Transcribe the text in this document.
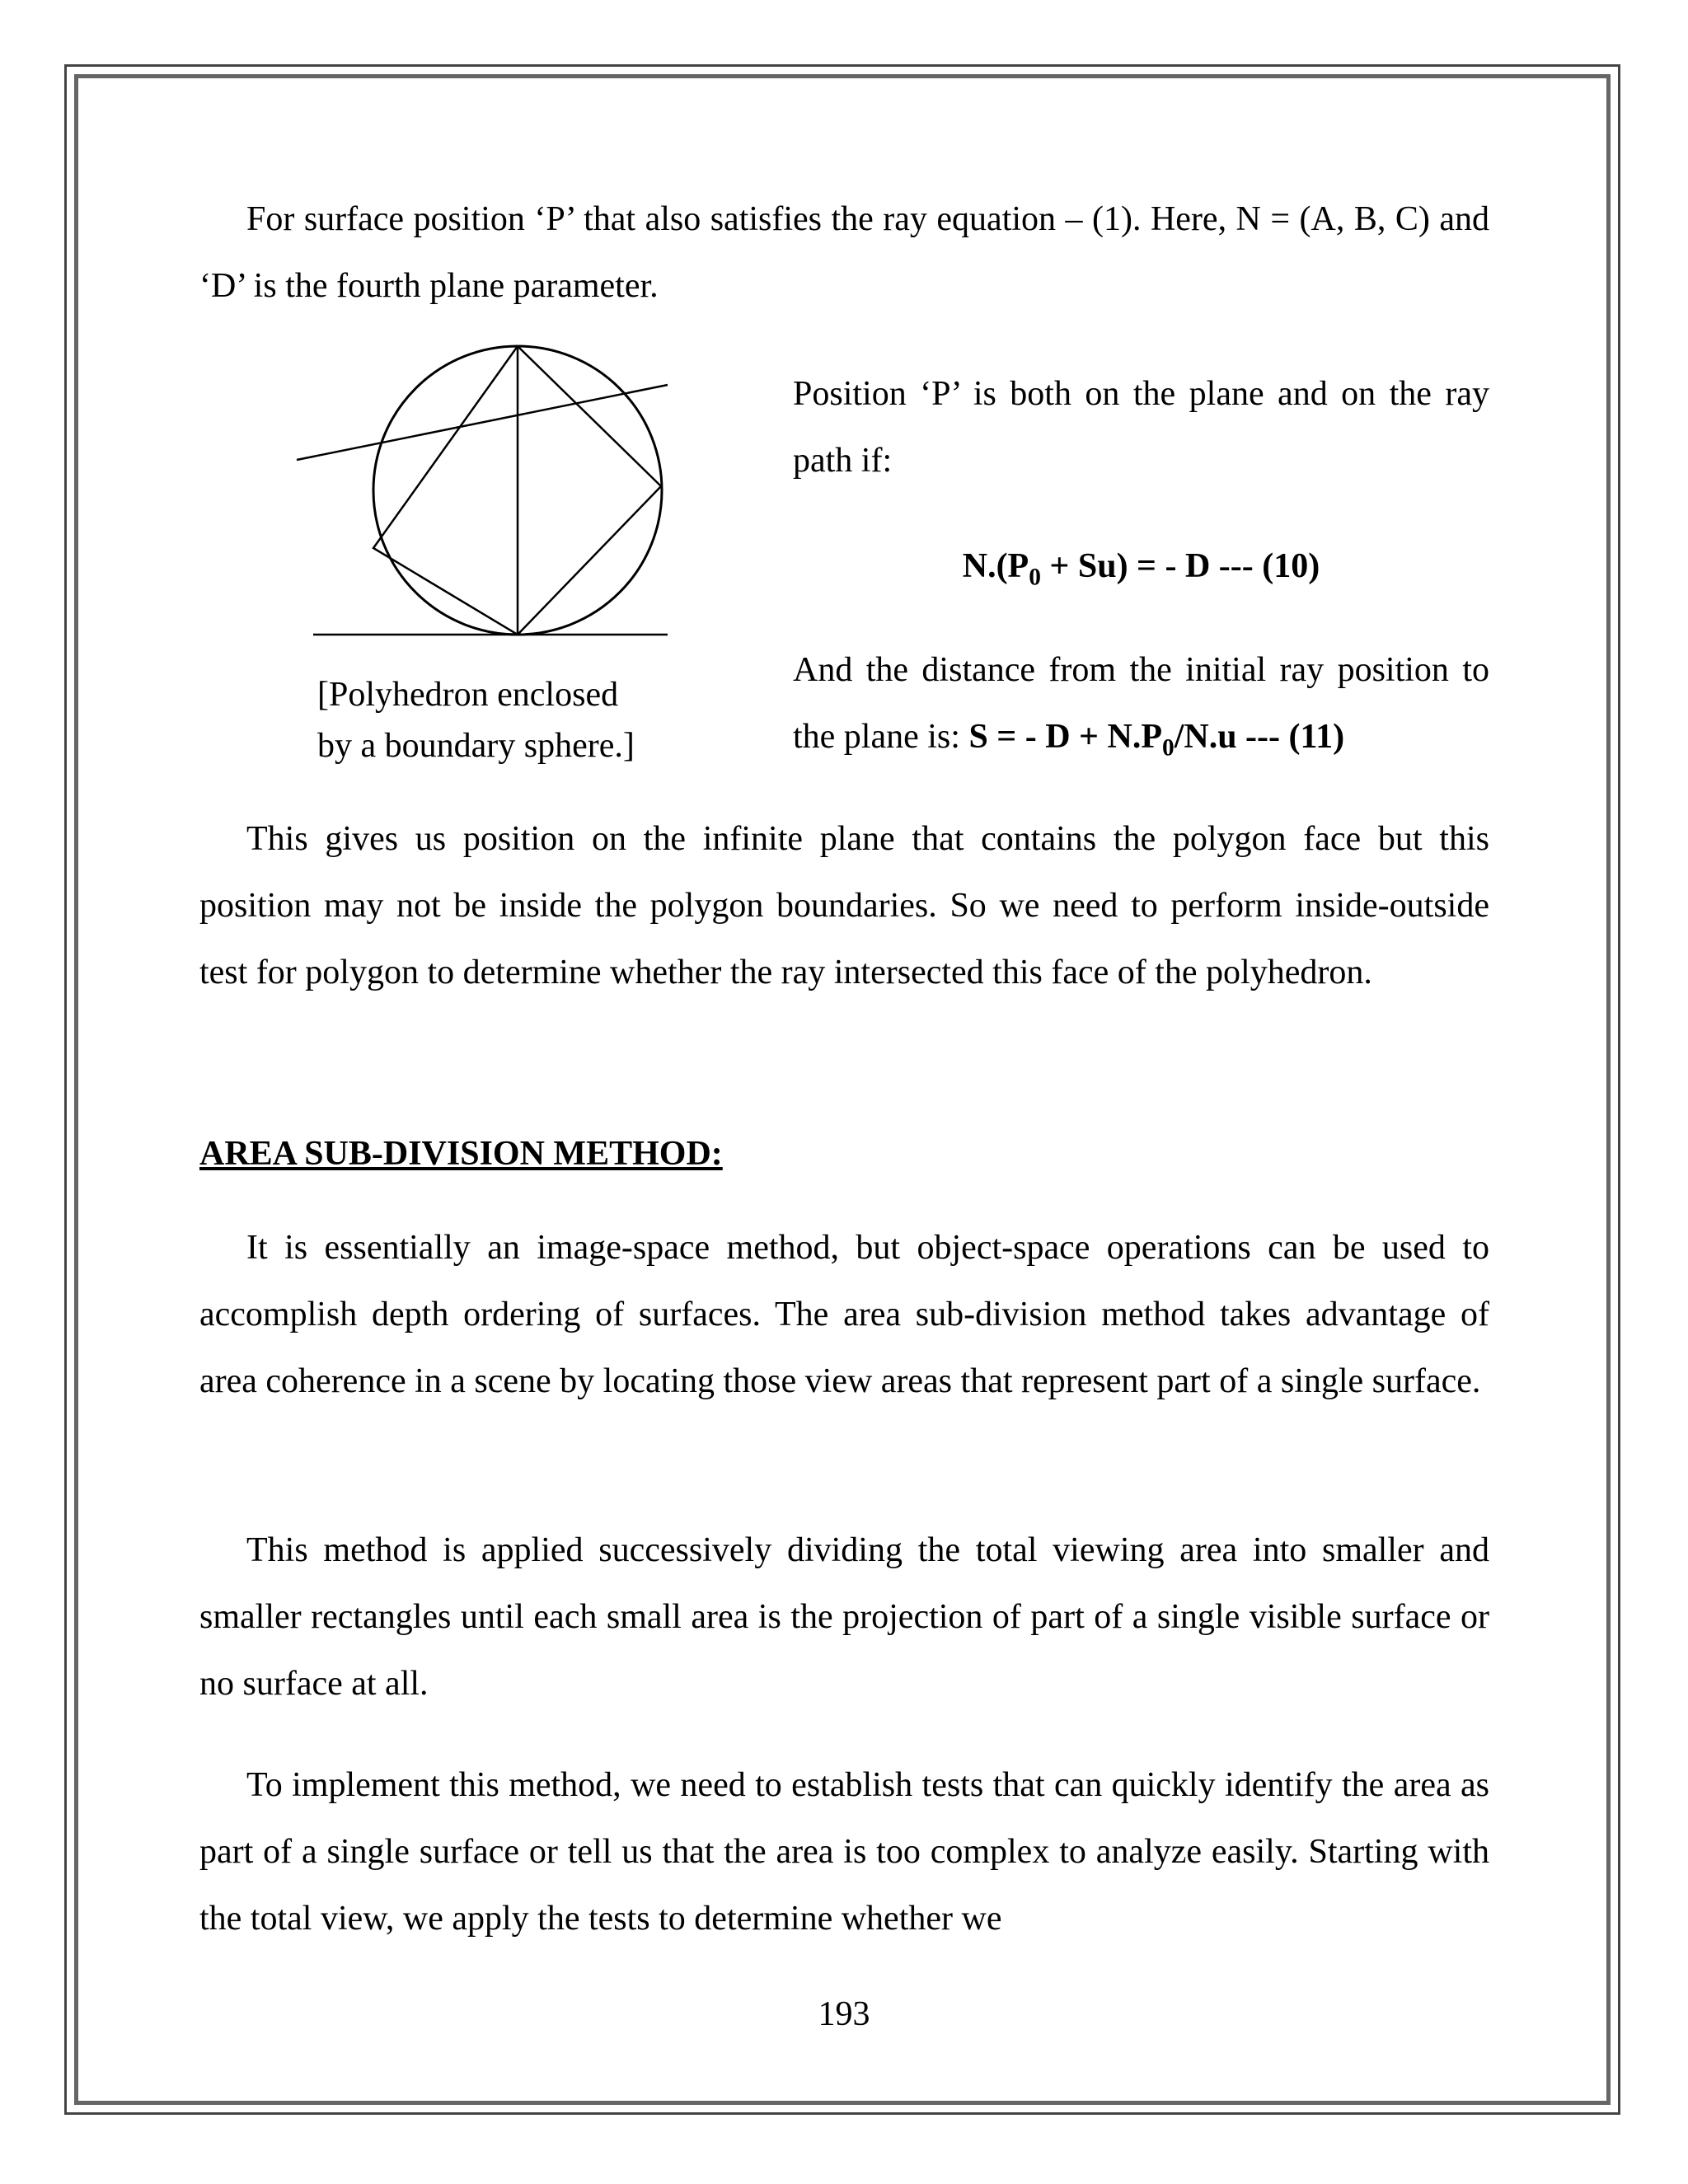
For surface position ‘P’ that also satisfies the ray equation – (1). Here, N = (A, B, C) and ‘D’ is the fourth plane parameter.

[Polyhedron enclosed
by a boundary sphere.]

Position ‘P’ is both on the plane and on the ray path if:

$N.(P_0 + Su)$ = - D --- (10)

And the distance from the initial ray position to the plane is: S = - $D + N.P_0/N.u$ --- (11)

This gives us position on the infinite plane that contains the polygon face but this position may not be inside the polygon boundaries. So we need to perform inside-outside test for polygon to determine whether the ray intersected this face of the polyhedron.

AREA SUB-DIVISION METHOD:

It is essentially an image-space method, but object-space operations can be used to accomplish depth ordering of surfaces. The area sub-division method takes advantage of area coherence in a scene by locating those view areas that represent part of a single surface.

This method is applied successively dividing the total viewing area into smaller and smaller rectangles until each small area is the projection of part of a single visible surface or no surface at all.

To implement this method, we need to establish tests that can quickly identify the area as part of a single surface or tell us that the area is too complex to analyze easily. Starting with the total view, we apply the tests to determine whether we

193
